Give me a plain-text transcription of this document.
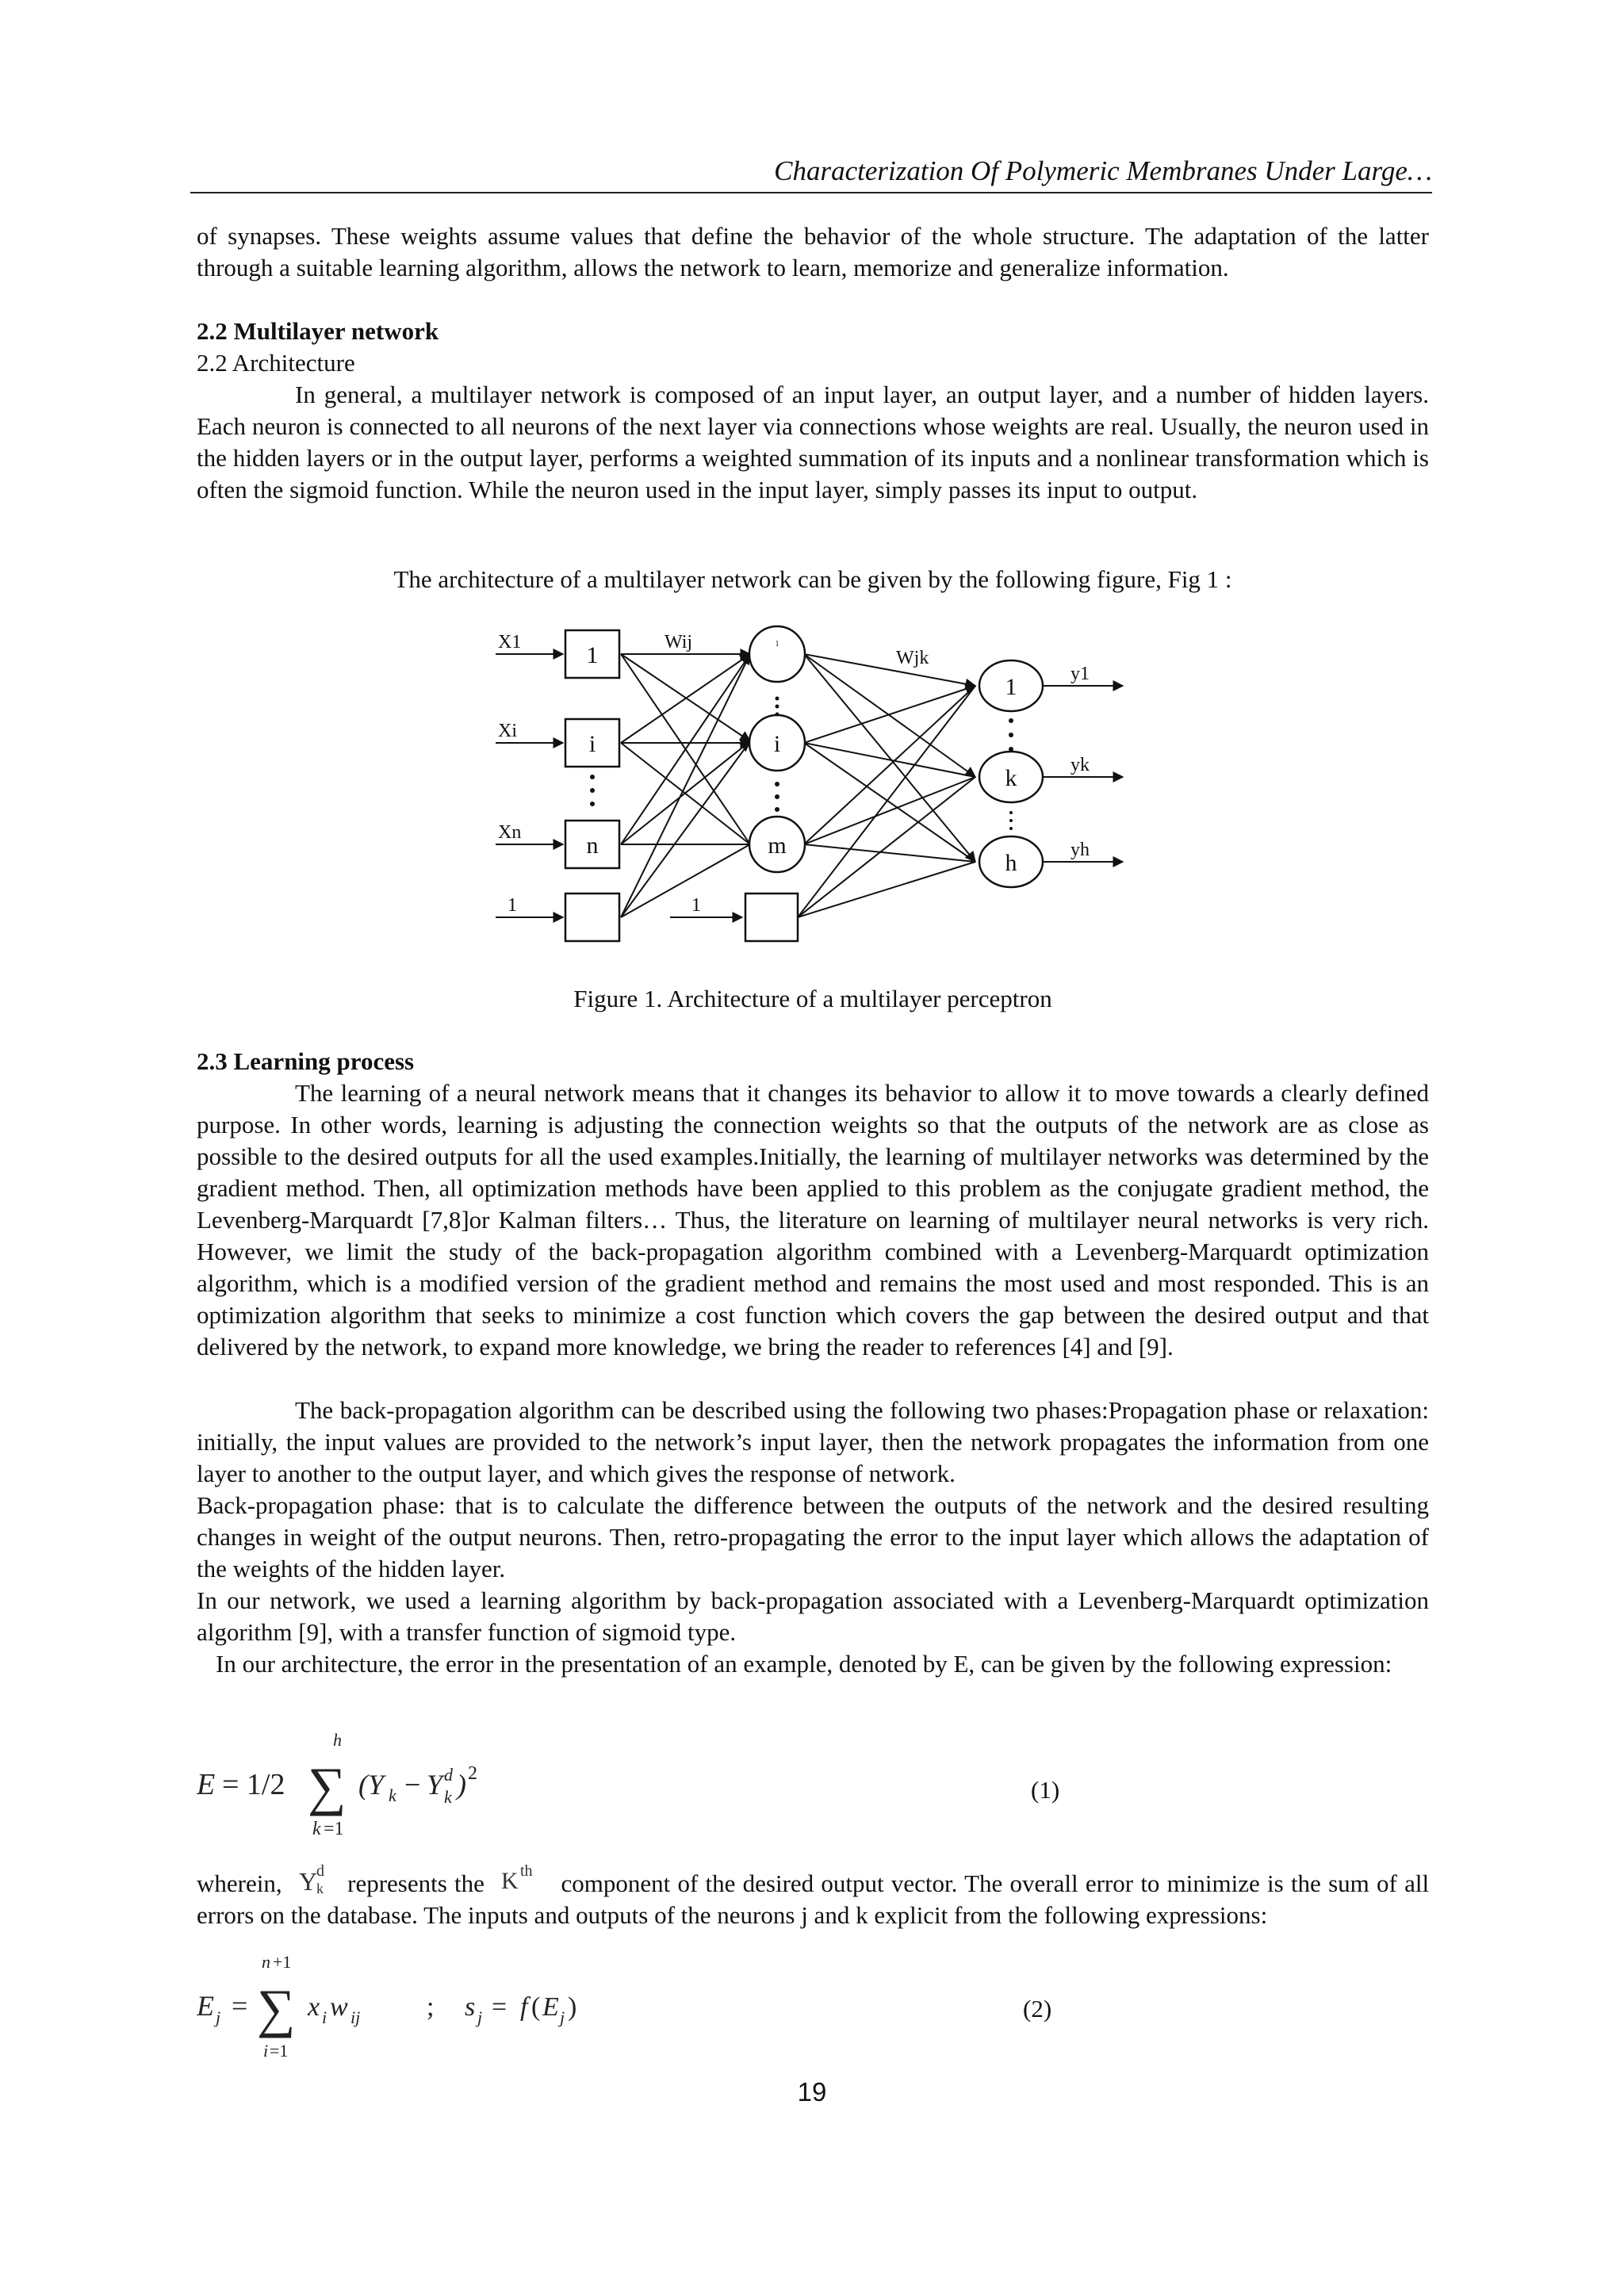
Characterization Of Polymeric Membranes Under Large…
of synapses. These weights assume values that define the behavior of the whole structure. The adaptation of the latter through a suitable learning algorithm, allows the network to learn, memorize and generalize information.
2.2 Multilayer network
2.2 Architecture
In general, a multilayer network is composed of an input layer, an output layer, and a number of hidden layers. Each neuron is connected to all neurons of the next layer via connections whose weights are real. Usually, the neuron used in the hidden layers or in the output layer, performs a weighted summation of its inputs and a nonlinear transformation which is often the sigmoid function. While the neuron used in the input layer, simply passes its input to output.
The architecture of a multilayer network can be given by the following figure, Fig 1 :
1
i
n
i
m
1
k
h
1
X1
Xi
Xn
1	1
Wij
Wjk
y1
yk
yh
Figure 1. Architecture of a multilayer perceptron
2.3 Learning process
The learning of a neural network means that it changes its behavior to allow it to move towards a clearly defined purpose. In other words, learning is adjusting the connection weights so that the outputs of the network are as close as possible to the desired outputs for all the used examples.Initially, the learning of multilayer networks was determined by the gradient method. Then, all optimization methods have been applied to this problem as the conjugate gradient method, the Levenberg-Marquardt [7,8]or Kalman filters… Thus, the literature on learning of multilayer neural networks is very rich. However, we limit the study of the back-propagation algorithm combined with a Levenberg-Marquardt optimization algorithm, which is a modified version of the gradient method and remains the most used and most responded. This is an optimization algorithm that seeks to minimize a cost function which covers the gap between the desired output and that delivered by the network, to expand more knowledge, we bring the reader to references [4] and [9].
The back-propagation algorithm can be described using the following two phases:Propagation phase or relaxation: initially, the input values are provided to the network’s input layer, then the network propagates the information from one layer to another to the output layer, and which gives the response of network.
Back-propagation phase: that is to calculate the difference between the outputs of the network and the desired resulting changes in weight of the output neurons. Then, retro-propagating the error to the input layer which allows the adaptation of the weights of the hidden layer.
In our network, we used a learning algorithm by back-propagation associated with a Levenberg-Marquardt optimization algorithm [9], with a transfer function of sigmoid type.
In our architecture, the error in the presentation of an example, denoted by E, can be given by the following expression:
E = 1/2
h
∑
k =1
(Y k − Y d
k ) 2
(1)
wherein, Y
d
k represents the K th component of the desired output vector. The overall error to minimize is the sum of all errors on the database. The inputs and outputs of the neurons j and k explicit from the following expressions:
E j =
n +1
∑
i =1
x i w ij ; s j = f ( E j )	(2)
19
